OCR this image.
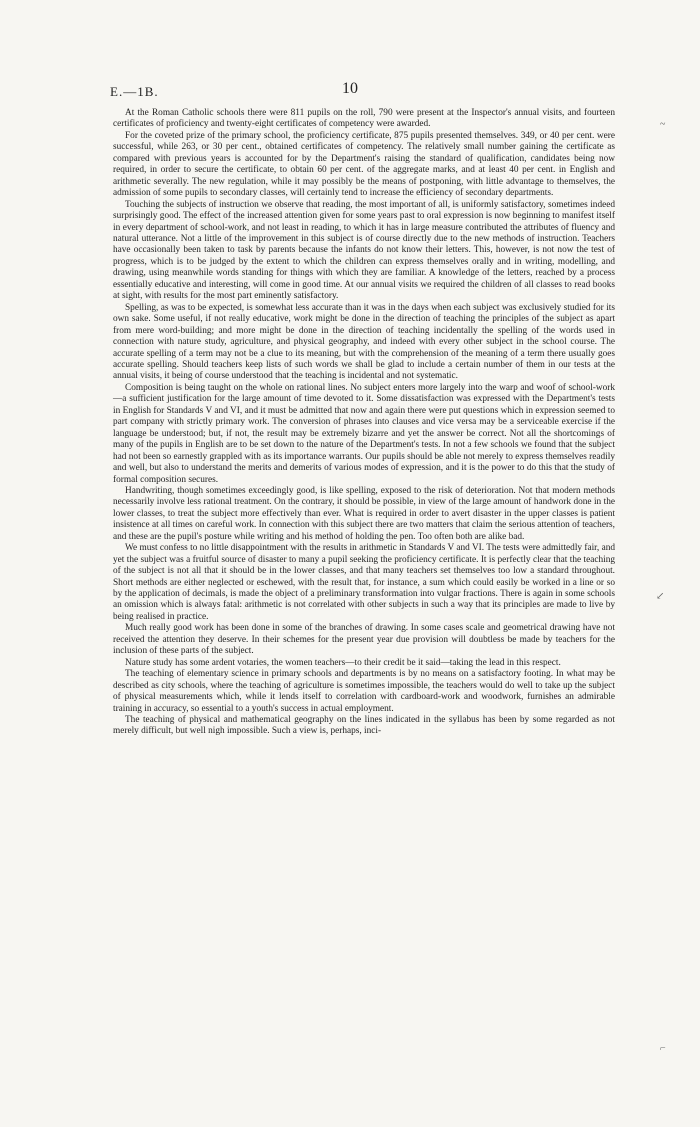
E.—1B.	10
~
↙
⌐

At the Roman Catholic schools there were 811 pupils on the roll, 790 were present at the Inspector's annual visits, and fourteen certificates of proficiency and twenty-eight certificates of competency were awarded.

For the coveted prize of the primary school, the proficiency certificate, 875 pupils presented themselves. 349, or 40 per cent. were successful, while 263, or 30 per cent., obtained certificates of competency. The relatively small number gaining the certificate as compared with previous years is accounted for by the Department's raising the standard of qualification, candidates being now required, in order to secure the certificate, to obtain 60 per cent. of the aggregate marks, and at least 40 per cent. in English and arithmetic severally. The new regulation, while it may possibly be the means of postponing, with little advantage to themselves, the admission of some pupils to secondary classes, will certainly tend to increase the efficiency of secondary departments.

Touching the subjects of instruction we observe that reading, the most important of all, is uniformly satisfactory, sometimes indeed surprisingly good. The effect of the increased attention given for some years past to oral expression is now beginning to manifest itself in every department of school-work, and not least in reading, to which it has in large measure contributed the attributes of fluency and natural utterance. Not a little of the improvement in this subject is of course directly due to the new methods of instruction. Teachers have occasionally been taken to task by parents because the infants do not know their letters. This, however, is not now the test of progress, which is to be judged by the extent to which the children can express themselves orally and in writing, modelling, and drawing, using meanwhile words standing for things with which they are familiar. A knowledge of the letters, reached by a process essentially educative and interesting, will come in good time. At our annual visits we required the children of all classes to read books at sight, with results for the most part eminently satisfactory.

Spelling, as was to be expected, is somewhat less accurate than it was in the days when each subject was exclusively studied for its own sake. Some useful, if not really educative, work might be done in the direction of teaching the principles of the subject as apart from mere word-building; and more might be done in the direction of teaching incidentally the spelling of the words used in connection with nature study, agriculture, and physical geography, and indeed with every other subject in the school course. The accurate spelling of a term may not be a clue to its meaning, but with the comprehension of the meaning of a term there usually goes accurate spelling. Should teachers keep lists of such words we shall be glad to include a certain number of them in our tests at the annual visits, it being of course understood that the teaching is incidental and not systematic.

Composition is being taught on the whole on rational lines. No subject enters more largely into the warp and woof of school-work—a sufficient justification for the large amount of time devoted to it. Some dissatisfaction was expressed with the Department's tests in English for Standards V and VI, and it must be admitted that now and again there were put questions which in expression seemed to part company with strictly primary work. The conversion of phrases into clauses and vice versa may be a serviceable exercise if the language be understood; but, if not, the result may be extremely bizarre and yet the answer be correct. Not all the shortcomings of many of the pupils in English are to be set down to the nature of the Department's tests. In not a few schools we found that the subject had not been so earnestly grappled with as its importance warrants. Our pupils should be able not merely to express themselves readily and well, but also to understand the merits and demerits of various modes of expression, and it is the power to do this that the study of formal composition secures.

Handwriting, though sometimes exceedingly good, is like spelling, exposed to the risk of deterioration. Not that modern methods necessarily involve less rational treatment. On the contrary, it should be possible, in view of the large amount of handwork done in the lower classes, to treat the subject more effectively than ever. What is required in order to avert disaster in the upper classes is patient insistence at all times on careful work. In connection with this subject there are two matters that claim the serious attention of teachers, and these are the pupil's posture while writing and his method of holding the pen. Too often both are alike bad.

We must confess to no little disappointment with the results in arithmetic in Standards V and VI. The tests were admittedly fair, and yet the subject was a fruitful source of disaster to many a pupil seeking the proficiency certificate. It is perfectly clear that the teaching of the subject is not all that it should be in the lower classes, and that many teachers set themselves too low a standard throughout. Short methods are either neglected or eschewed, with the result that, for instance, a sum which could easily be worked in a line or so by the application of decimals, is made the object of a preliminary transformation into vulgar fractions. There is again in some schools an omission which is always fatal: arithmetic is not correlated with other subjects in such a way that its principles are made to live by being realised in practice.

Much really good work has been done in some of the branches of drawing. In some cases scale and geometrical drawing have not received the attention they deserve. In their schemes for the present year due provision will doubtless be made by teachers for the inclusion of these parts of the subject.

Nature study has some ardent votaries, the women teachers—to their credit be it said—taking the lead in this respect.

The teaching of elementary science in primary schools and departments is by no means on a satisfactory footing. In what may be described as city schools, where the teaching of agriculture is sometimes impossible, the teachers would do well to take up the subject of physical measurements which, while it lends itself to correlation with cardboard-work and woodwork, furnishes an admirable training in accuracy, so essential to a youth's success in actual employment.

The teaching of physical and mathematical geography on the lines indicated in the syllabus has been by some regarded as not merely difficult, but well nigh impossible. Such a view is, perhaps, inci-
